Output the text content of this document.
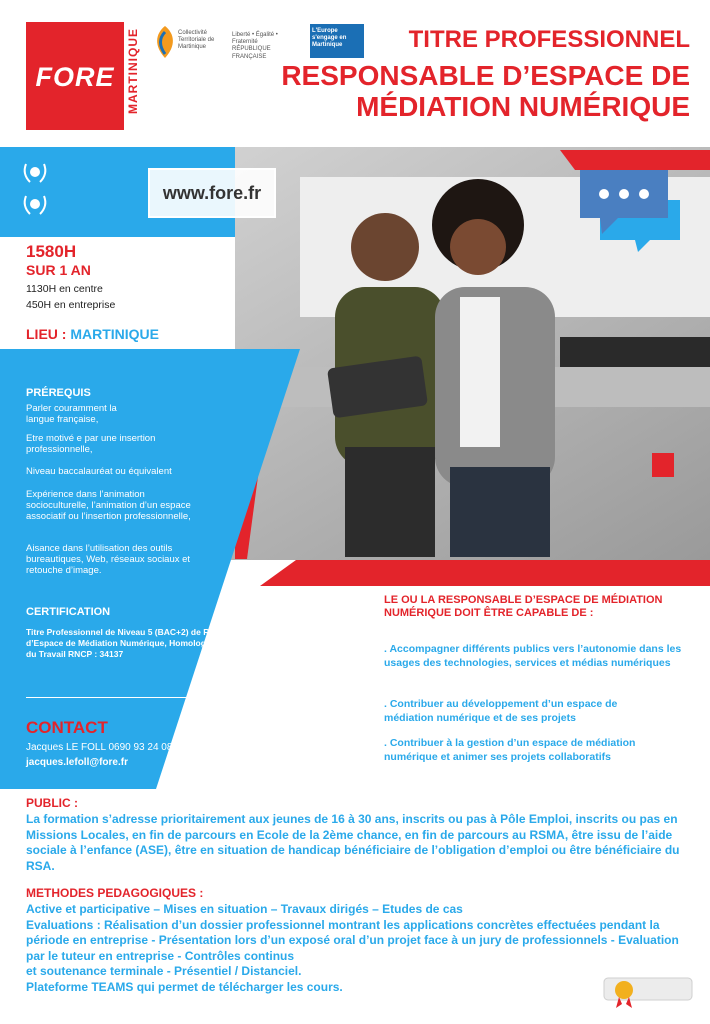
FORE MARTINIQUE	Collectivité Territoriale de Martinique
Liberté • Égalité • Fraternité RÉPUBLIQUE FRANÇAISE
L'Europe s'engage en Martinique	TITRE PROFESSIONNEL
RESPONSABLE D’ESPACE DE
MÉDIATION NUMÉRIQUE
www.fore.fr
1580H
SUR 1 AN
1130H en centre
450H en entreprise
LIEU : MARTINIQUE
PRÉREQUIS
Parler couramment la langue française,
Etre motivé e par une insertion professionnelle,
Niveau baccalauréat ou équivalent
Expérience dans l’animation socioculturelle, l’animation d’un espace associatif ou l’insertion professionnelle,
Aisance dans l’utilisation des outils bureautiques, Web, réseaux sociaux et retouche d’image.
CERTIFICATION
Titre Professionnel de Niveau 5 (BAC+2) de Responsable d’Espace de Médiation Numérique, Homologué par le Ministre du Travail RNCP : 34137
CONTACT
Jacques LE FOLL 0690 93 24 08 / 0596 68 62 52
jacques.lefoll@fore.fr
LE OU LA RESPONSABLE D’ESPACE DE MÉDIATION NUMÉRIQUE DOIT ÊTRE CAPABLE DE :
. Accompagner différents publics vers l’autonomie dans les usages des technologies, services et médias numériques
. Contribuer au développement d’un espace de médiation numérique et de ses projets
. Contribuer à la gestion d’un espace de médiation numérique et animer ses projets collaboratifs
PUBLIC :
La formation s’adresse prioritairement aux jeunes de 16 à 30 ans, inscrits ou pas à Pôle Emploi, inscrits ou pas en Missions Locales, en fin de parcours en Ecole de la 2ème chance, en fin de parcours au RSMA, être issu de l’aide sociale à l’enfance (ASE), être en situation de handicap bénéficiaire de l’obligation d’emploi ou être bénéficiaire du RSA.
METHODES PEDAGOGIQUES :
Active et participative – Mises en situation – Travaux dirigés – Etudes de cas
Evaluations : Réalisation d’un dossier professionnel montrant les applications concrètes effectuées pendant la période en entreprise - Présentation lors d’un exposé oral d’un projet face à un jury de professionnels - Evaluation par le tuteur en entreprise - Contrôles continus
et soutenance terminale - Présentiel / Distanciel.
Plateforme TEAMS qui permet de télécharger les cours.
